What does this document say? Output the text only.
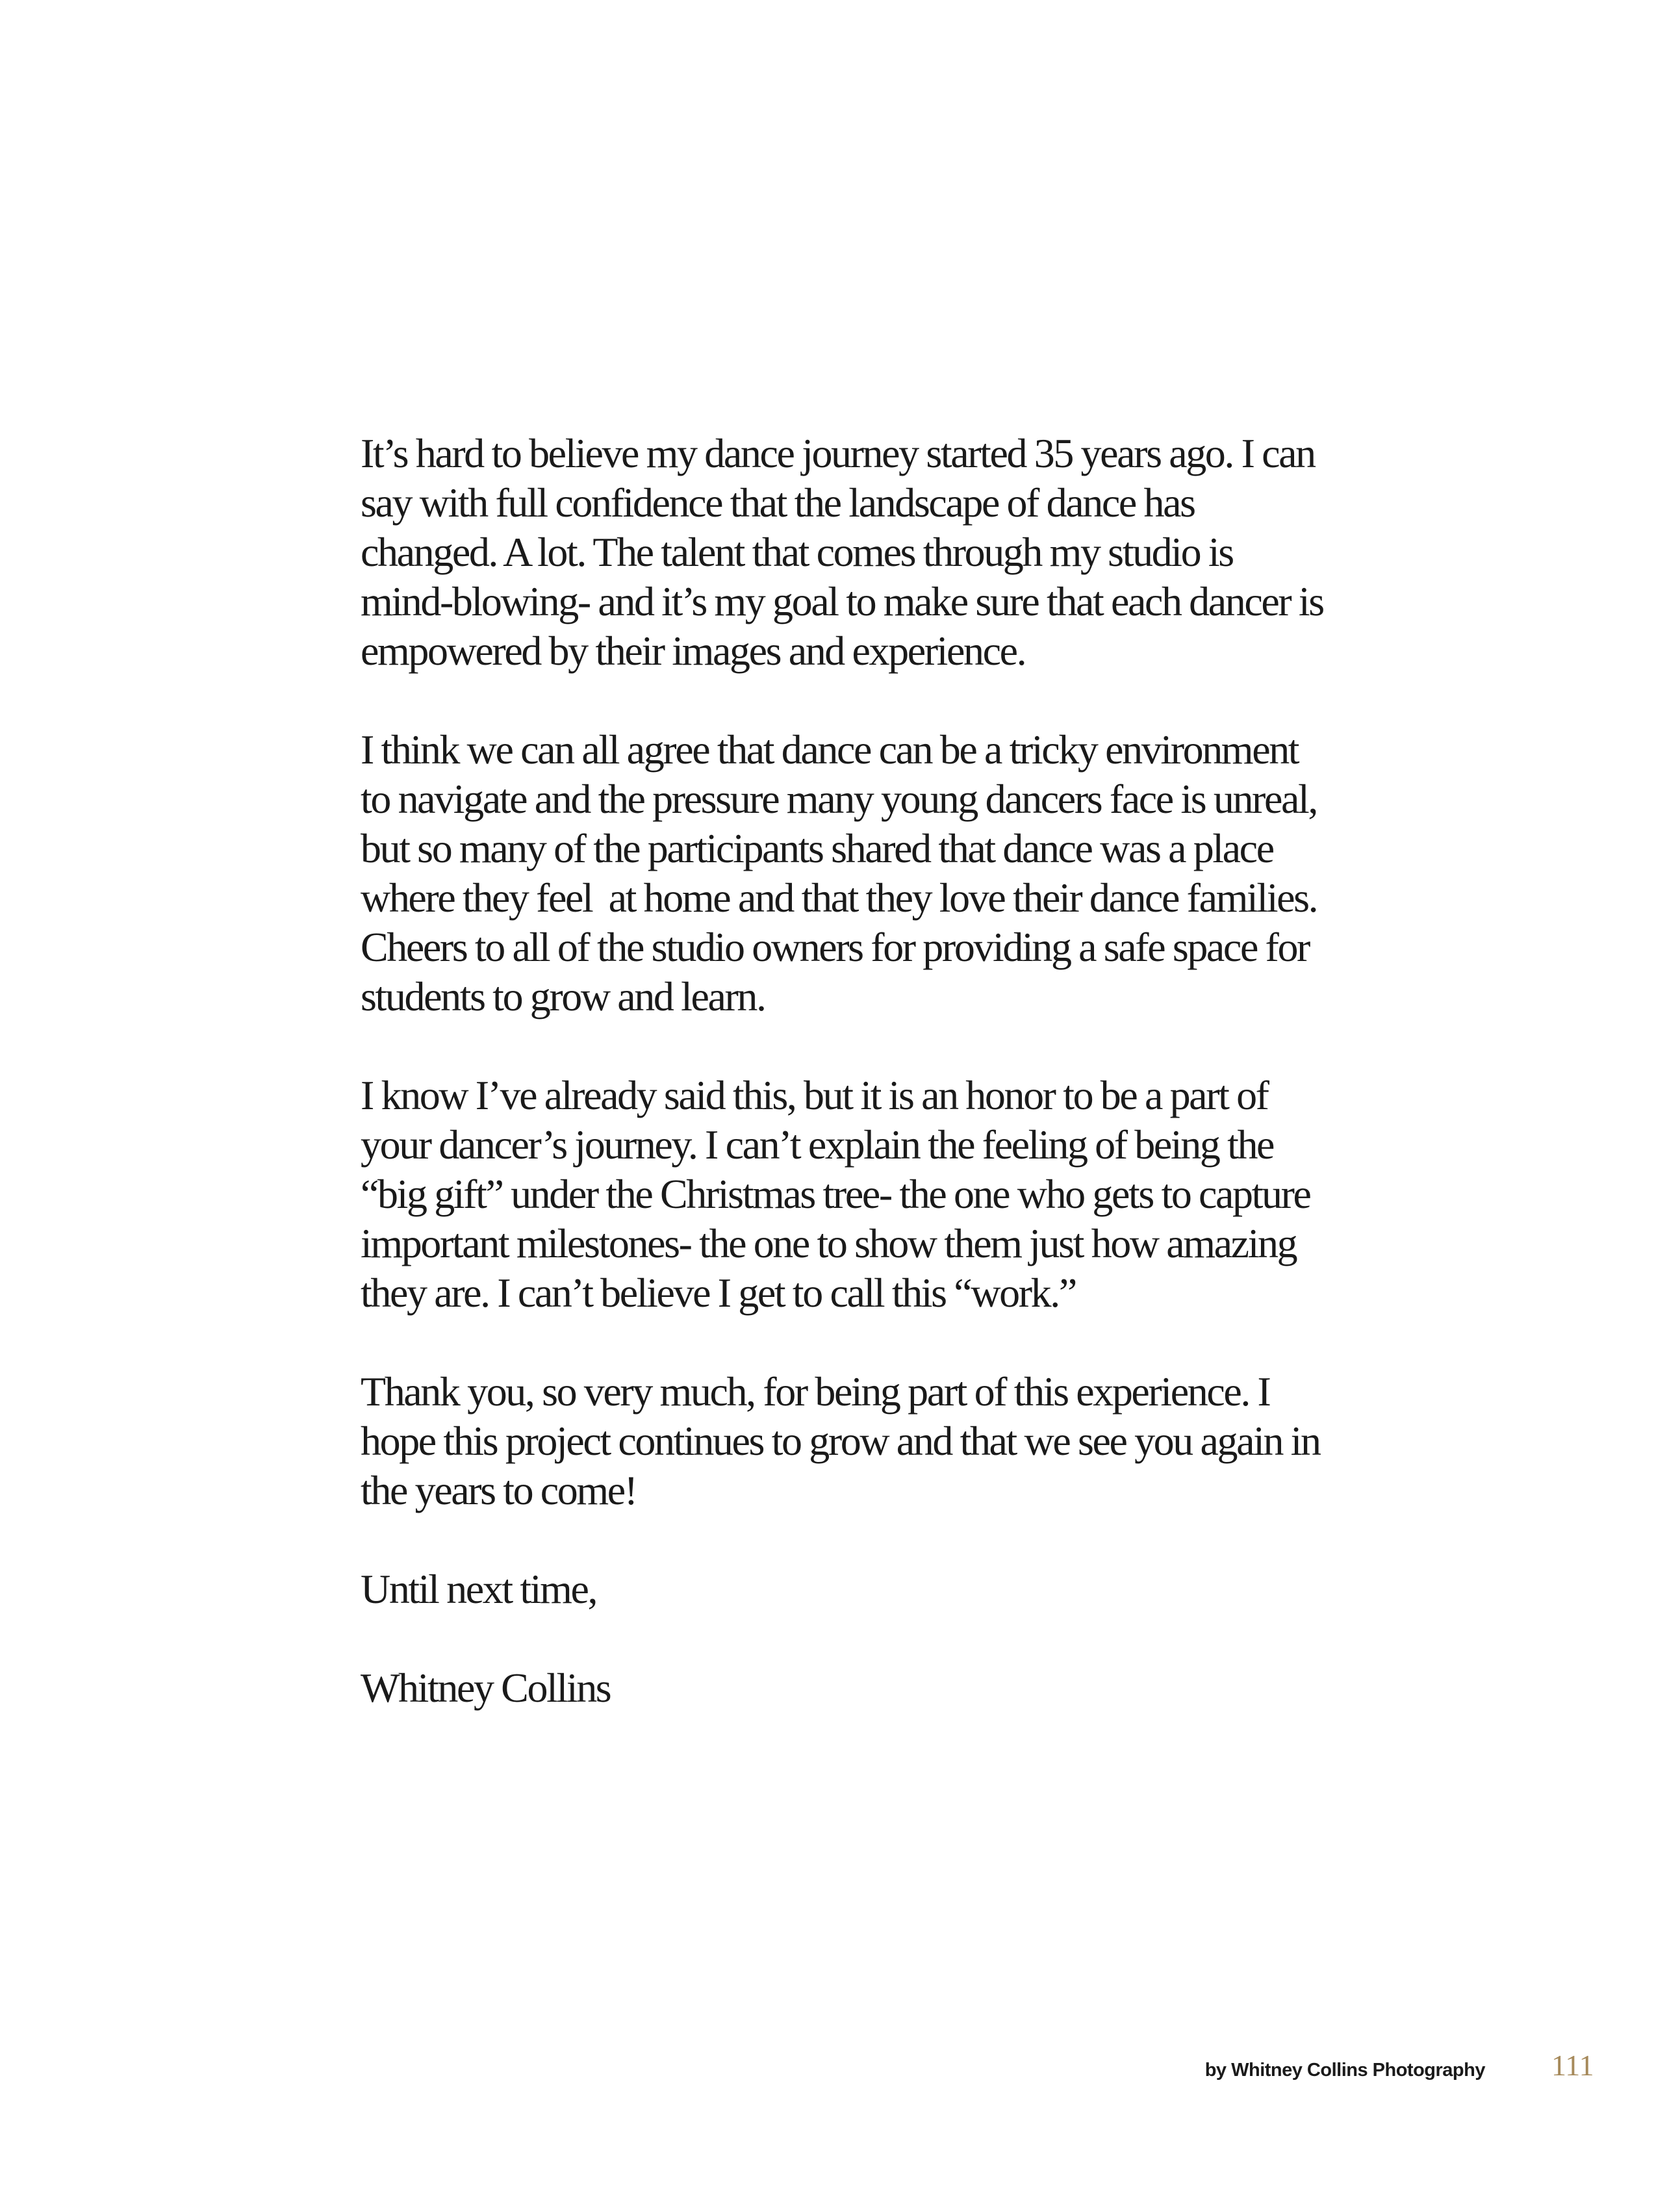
It’s hard to believe my dance journey started 35 years ago. I can
say with full confidence that the landscape of dance has
changed. A lot. The talent that comes through my studio is
mind-blowing- and it’s my goal to make sure that each dancer is
empowered by their images and experience.

I think we can all agree that dance can be a tricky environment
to navigate and the pressure many young dancers face is unreal,
but so many of the participants shared that dance was a place
where they feel  at home and that they love their dance families.
Cheers to all of the studio owners for providing a safe space for
students to grow and learn.

I know I’ve already said this, but it is an honor to be a part of
your dancer’s journey. I can’t explain the feeling of being the
“big gift” under the Christmas tree- the one who gets to capture
important milestones- the one to show them just how amazing
they are. I can’t believe I get to call this “work.”

Thank you, so very much, for being part of this experience. I
hope this project continues to grow and that we see you again in
the years to come!

Until next time,

Whitney Collins

by Whitney Collins Photography 111
